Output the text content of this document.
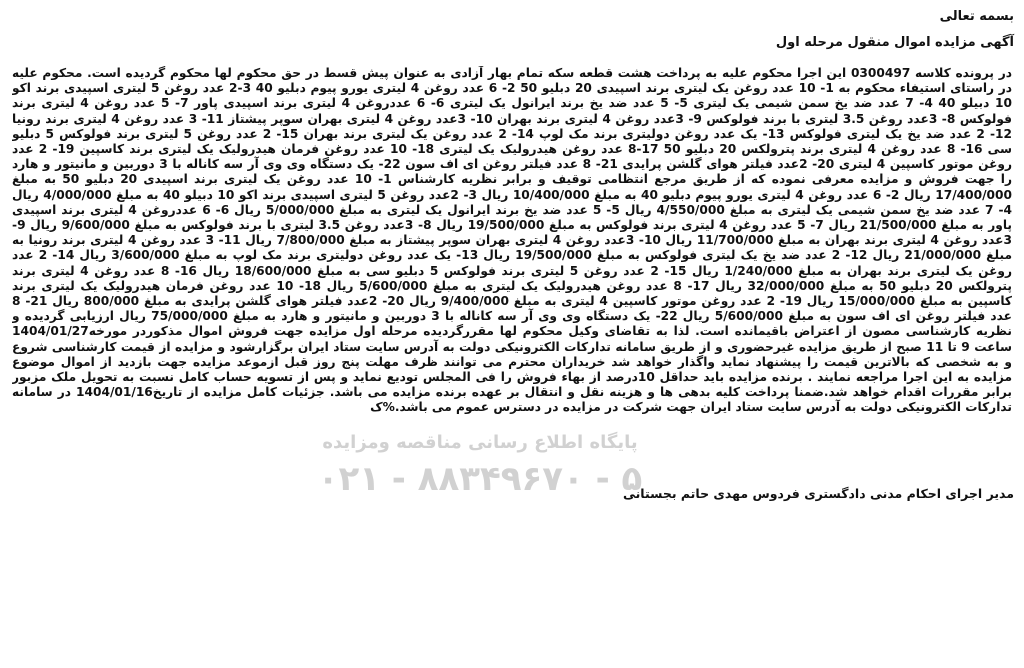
بسمه تعالی
آگهی مزایده اموال منقول مرحله اول

در پرونده کلاسه 0300497 این اجرا محکوم علیه به پرداخت هشت قطعه سکه تمام بهار آزادی به عنوان پیش قسط در حق محکوم لها محکوم گردیده است. محکوم علیه در راستای استیفاء محکوم به 1- 10 عدد روغن یک لیتری برند اسپیدی 20 دبلیو 50 2- 6 عدد روغن 4 لیتری یورو پیوم دبلیو 40 3-2 عدد روغن 5 لیتری اسپیدی برند اکو 10 دبیلو 40 4- 7 عدد ضد یخ سمن شیمی یک لیتری 5- 5 عدد ضد یخ برند ایرانول یک لیتری 6- 6 عددروغن 4 لیتری برند اسپیدی پاور 7- 5 عدد روغن 4 لیتری برند فولوکس 8- 3عدد روغن 3.5 لیتری با برند فولوکس 9- 3عدد روغن 4 لیتری برند بهران 10- 3عدد روغن 4 لیتری بهران سوپر پیشتاز 11- 3 عدد روغن 4 لیتری برند رونیا 12- 2 عدد ضد یخ یک لیتری فولوکس 13- یک عدد روغن دولیتری برند مک لوپ 14- 2 عدد روغن یک لیتری برند بهران 15- 2 عدد روغن 5 لیتری برند فولوکس 5 دبلیو سی 16- 8 عدد روغن 4 لیتری برند پترولکس 20 دبلیو 50 17-8 عدد روغن هیدرولیک یک لیتری 18- 10 عدد روغن فرمان هیدرولیک یک لیتری برند کاسپین 19- 2 عدد روغن موتور کاسپین 4 لیتری 20- 2عدد فیلتر هوای گلشن پرایدی 21- 8 عدد فیلتر روغن ای اف سون 22- یک دستگاه وی وی آر سه کاناله با 3 دوربین و مانیتور و هارد را جهت فروش و مزایده معرفی نموده که از طریق مرجع انتظامی توقیف و برابر نظریه کارشناس 1- 10 عدد روغن یک لیتری برند اسپیدی 20 دبلیو 50 به مبلغ 17/400/000 ریال 2- 6 عدد روغن 4 لیتری یورو پیوم دبلیو 40 به مبلغ 10/400/000 ریال 3- 2عدد روغن 5 لیتری اسپیدی برند اکو 10 دبیلو 40 به مبلغ 4/000/000 ریال 4- 7 عدد ضد یخ سمن شیمی یک لیتری به مبلغ 4/550/000 ریال 5- 5 عدد ضد یخ برند ایرانول یک لیتری به مبلغ 5/000/000 ریال 6- 6 عددروغن 4 لیتری برند اسپیدی پاور به مبلغ 21/500/000 ریال 7- 5 عدد روغن 4 لیتری برند فولوکس به مبلغ 19/500/000 ریال 8- 3عدد روغن 3.5 لیتری با برند فولوکس به مبلغ 9/600/000 ریال 9- 3عدد روغن 4 لیتری برند بهران به مبلغ 11/700/000 ریال 10- 3عدد روغن 4 لیتری بهران سوپر پیشتاز به مبلغ 7/800/000 ریال 11- 3 عدد روغن 4 لیتری برند رونیا به مبلغ 21/000/000 ریال 12- 2 عدد ضد یخ یک لیتری فولوکس به مبلغ 19/500/000 ریال 13- یک عدد روغن دولیتری برند مک لوپ به مبلغ 3/600/000 ریال 14- 2 عدد روغن یک لیتری برند بهران به مبلغ 1/240/000 ریال 15- 2 عدد روغن 5 لیتری برند فولوکس 5 دبلیو سی به مبلغ 18/600/000 ریال 16- 8 عدد روغن 4 لیتری برند پترولکس 20 دبلیو 50 به مبلغ 32/000/000 ریال 17- 8 عدد روغن هیدرولیک یک لیتری به مبلغ 5/600/000 ریال 18- 10 عدد روغن فرمان هیدرولیک یک لیتری برند کاسپین به مبلغ 15/000/000 ریال 19- 2 عدد روغن موتور کاسپین 4 لیتری به مبلغ 9/400/000 ریال 20- 2عدد فیلتر هوای گلشن پرایدی به مبلغ 800/000 ریال 21- 8 عدد فیلتر روغن ای اف سون به مبلغ 5/600/000 ریال 22- یک دستگاه وی وی آر سه کاناله با 3 دوربین و مانیتور و هارد به مبلغ 75/000/000 ریال ارزیابی گردیده و نظریه کارشناسی مصون از اعتراض باقیمانده است. لذا به تقاضای وکیل محکوم لها مقررگردیده مرحله اول مزایده جهت فروش اموال مذکوردر مورخه1404/01/27 ساعت 9 تا 11 صبح از طریق مزایده غیرحضوری و از طریق سامانه تدارکات الکترونیکی دولت به آدرس سایت ستاد ایران برگزارشود و مزایده از قیمت کارشناسی شروع و به شخصی که بالاترین قیمت را پیشنهاد نماید واگذار خواهد شد خریداران محترم می توانند ظرف مهلت پنج روز قبل ازموعد مزایده جهت بازدید از اموال موضوع مزایده به این اجرا مراجعه نمایند . برنده مزایده باید حداقل 10درصد از بهاء فروش را فی المجلس تودیع نماید و پس از تسویه حساب کامل نسبت به تحویل ملک مزبور برابر مقررات اقدام خواهد شد.ضمنا پرداخت کلیه بدهی ها و هزینه نقل و انتقال بر عهده برنده مزایده می باشد. جزئیات کامل مزایده از تاریخ1404/01/16 در سامانه تدارکات الکترونیکی دولت به آدرس سایت ستاد ایران جهت شرکت در مزایده در دسترس عموم می باشد.%ک

پایگاه اطلاع رسانی مناقصه ومزایده
۰۲۱ - ۸۸۳۴۹۶۷۰ - ۵
مدیر اجرای احکام مدنی دادگستری فردوس مهدی حاتم بجستانی
